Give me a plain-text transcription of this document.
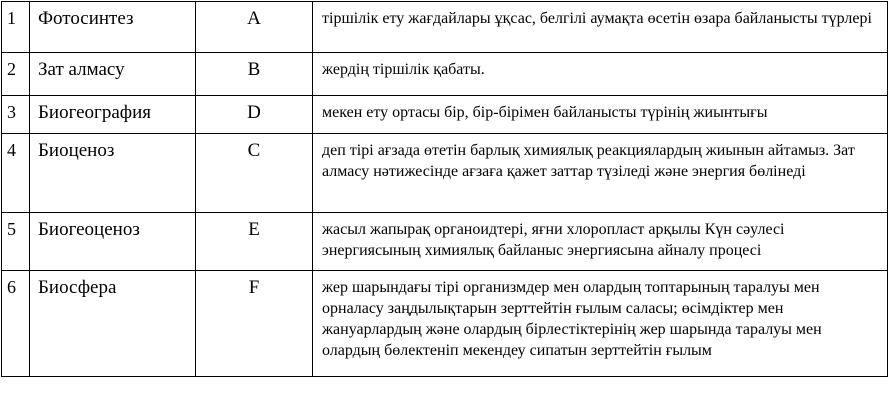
1	Фотосинтез	A	тіршілік ету жағдайлары ұқсас, белгілі аумақта өсетін өзара байланысты түрлері
2	Зат алмасу	B	жердің тіршілік қабаты.
3	Биогеография	D	мекен ету ортасы бір, бір-бірімен байланысты түрінің жиынтығы
4	Биоценоз	C	деп тірі ағзада өтетін барлық химиялық реакциялардың жиынын айтамыз. Зат алмасу нәтижесінде ағзаға қажет заттар түзіледі және энергия бөлінеді
5	Биогеоценоз	E	жасыл жапырақ органоидтері, яғни хлоропласт арқылы Күн сәулесі энергиясының химиялық байланыс энергиясына айналу процесі
6	Биосфера	F	жер шарындағы тірі организмдер мен олардың топтарының таралуы мен орналасу заңдылықтарын зерттейтін ғылым саласы; өсімдіктер мен жануарлардың және олардың бірлестіктерінің жер шарында таралуы мен олардың бөлектеніп мекендеу сипатын зерттейтін ғылым
